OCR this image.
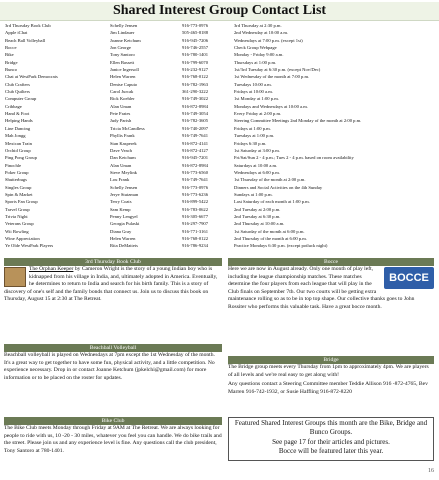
Shared Interest Group Contact List
3rd Thursday Book Club	Schelly Jensen	916-773-0976	3rd Thursday at 2:30 p.m.
Apple iChat	Jim Lindauer	505-465-8188	2nd Wednesday at 10:00 a.m.
Beach Ball Volleyball	Joanne Ketchum	916-945-7206	Wednesdays at 7:00 p.m. (except 1st)
Bocce	Jon George	916-746-2557	Check Group Webpage
Bike	Tony Santoro	916-780-1401	Monday - Friday 9:00 a.m.
Bridge	Ellen Bassett	916-799-6070	Thursdays at 1:00 p.m.
Bunco	Janice Ingersoll	916-232-9127	1st/3rd Tuesday at 6:30 p.m. (except Nov/Dec)
Chat at WestPark Democrats	Helen Warren	916-768-0122	1st Wednesday of the month at 7:00 p.m.
Club Crafters	Denise Caputo	916-782-1963	Tuesdays 10:00 a.m.
Club Quilters	Carol Jurcak	361-290-3222	Fridays at 10:00 a.m.
Computer Group	Rick Koehler	916-749-3022	1st Monday at 1:00 p.m.
Cribbage	Alan Uman	916-872-8984	Mondays and Wednesdays at 10:00 a.m.
Hand & Foot	Pete Frates	916-749-3054	Every Friday at 2:00 p.m.
Helping Hands	Judy Parish	916-782-3605	Steering Committee Meetings 2nd Monday of the month at 2:00 p.m.
Line Dancing	Tricia McCandless	916-740-2097	Fridays at 1:00 p.m.
Mah Jongg	Phyllis Frank	916-749-7641	Tuesdays at 1:00 p.m.
Mexican Train	Stan Kasperek	916-872-4141	Fridays 6:30 p.m.
Orchid Group	Dave Veach	916-872-4127	1st Saturday at 3:00 p.m.
Ping Pong Group	Dan Ketchum	916-945-7201	Fri/Sat/Sun 2 - 4 p.m.; Tues 2 - 4 p.m. based on room availability
Pinochle	Alan Uman	916-872-8984	Saturdays at 10:00 a.m.
Poker Group	Steve Meylink	916-773-6560	Wednesdays at 6:00 p.m.
Shutterbugs	Lou Frank	916-749-7641	1st Thursday of the month at 2:00 p.m.
Singles Group	Schelly Jensen	916-773-0976	Dinners and Social Activities on the 4th Sunday
Spin & Market	Jerye Stutzman	916-773-6236	Sundays at 1:00 p.m.
Sports Fan Group	Terry Coats	916-899-5422	Last Saturday of each month at 1:00 p.m.
Travel Group	Sam Kemp	916-783-0622	2nd Tuesday at 2:00 p.m.
Trivia Night	Penny Lengyel	916-305-6677	2nd Tuesday at 6:30 p.m.
Veterans Group	Georgia Pulaski	916-297-7907	2nd Thursday at 10:00 a.m.
Wii Bowling	Diana Gray	916-771-3161	1st Saturday of the month at 6:00 p.m.
Wine Appreciation	Helen Warren	916-768-0122	2nd Thursday of the month at 6:00 p.m.
Ye Olde WestPark Players	Rita DeMatteis	916-786-9234	Practice Mondays 6:30 p.m. (except potluck night)
3rd Thursday Book Club

The Orphan Keeper by Cameron Wright is the story of a young Indian boy who is kidnapped from his village in India, and, ultimately adopted in America. Eventually, he determines to return to India and search for his birth family. This is a story of discovery of one's self and the family bonds that connect us. Join us to discuss this book on Thursday, August 15 at 2:30 at The Retreat.

Beachball Volleyball

Beachball volleyball is played on Wednesdays at 7pm except the 1st Wednesday of the month. It's a great way to get together to have some fun, physical activity, and a little competition. No experience necessary. Drop in or contact Joanne Ketchum (jpkelchi@gmail.com) for more information or to be placed on the roster for updates.

Bike Club

The Bike Club meets Monday through Friday at 9AM at The Retreat. We are always looking for people to ride with us, 10 -20 - 30 miles, whatever you feel you can handle. We do bike trails and the street. Please join us and any experience level is fine. Any questions call the club president, Tony Santoro at 780-1401.

Bocce
BOCCE

Here we are now in August already. Only one month of play left, including the league championship matches. These matches determine the four players from each league that will play in the Club finals on September 7th. Our two courts will be getting extra maintenance rolling so as to be in top top shape. Our collective thanks goes to John Rossiter who performs this valuable task. Have a great bocce month.

Bridge

The Bridge group meets every Thursday from 1pm to approximately 4pm. We are players of all levels and we're real easy to get along with!

Any questions contact a Steering Committee member Teddie Allison 916 -872-4765, Bev Marren 916-742-1932, or Susie Haffling 916-872-8220

Featured Shared Interest Groups this month are the Bike, Bridge and Bunco Groups.
See page 17 for their articles and pictures.
Bocce will be featured later this year.
16
